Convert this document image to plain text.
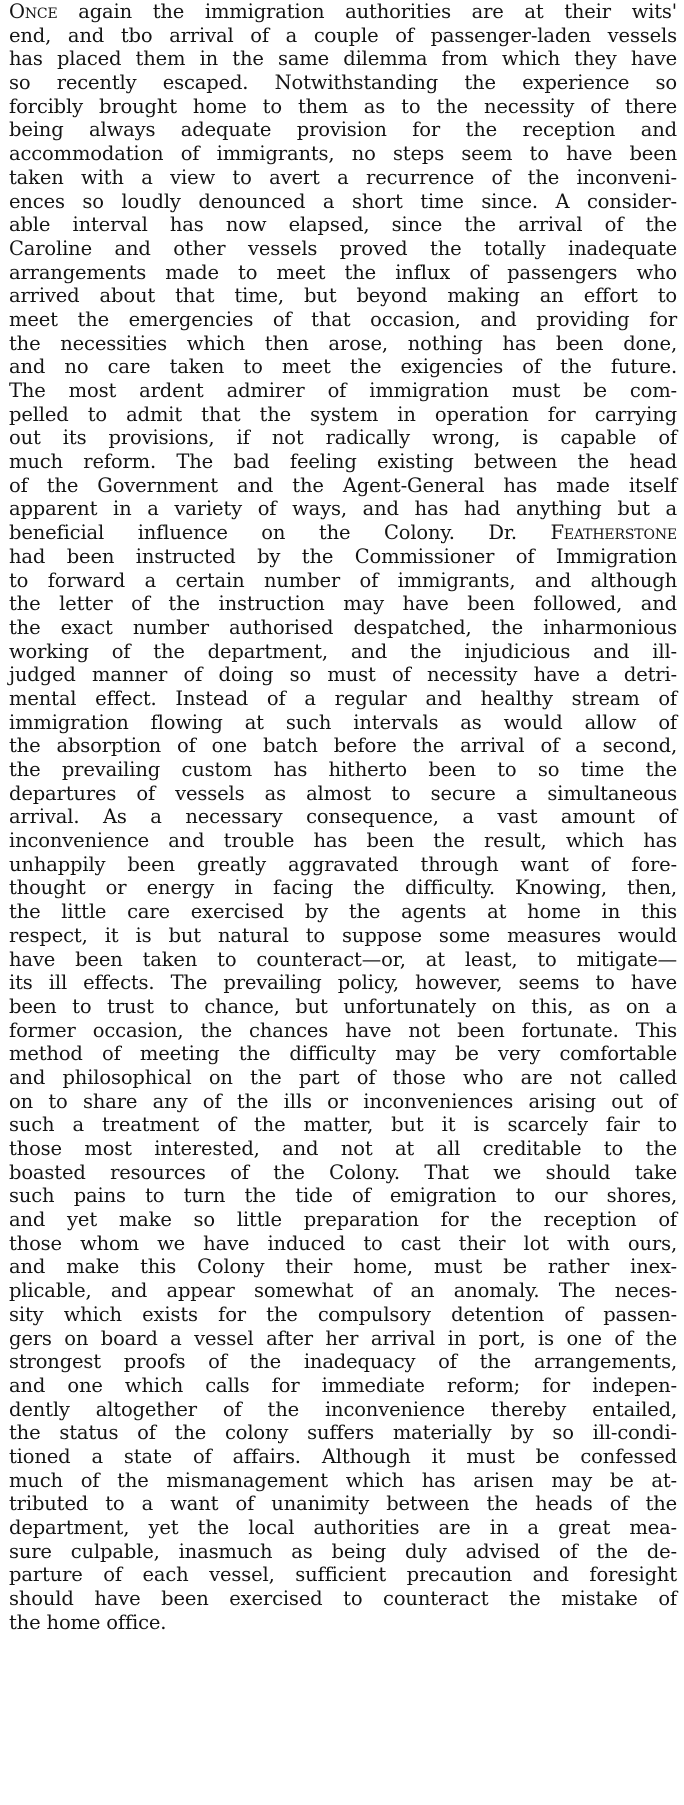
Once again the immigration authorities are at their wits'
end, and tbo arrival of a couple of passenger-laden vessels
has placed them in the same dilemma from which they have
so recently escaped. Notwithstanding the experience so
forcibly brought home to them as to the necessity of there
being always adequate provision for the reception and
accommodation of immigrants, no steps seem to have been
taken with a view to avert a recurrence of the inconveni-
ences so loudly denounced a short time since. A consider-
able interval has now elapsed, since the arrival of the
Caroline and other vessels proved the totally inadequate
arrangements made to meet the influx of passengers who
arrived about that time, but beyond making an effort to
meet the emergencies of that occasion, and providing for
the necessities which then arose, nothing has been done,
and no care taken to meet the exigencies of the future.
The most ardent admirer of immigration must be com-
pelled to admit that the system in operation for carrying
out its provisions, if not radically wrong, is capable of
much reform. The bad feeling existing between the head
of the Government and the Agent-General has made itself
apparent in a variety of ways, and has had anything but a
beneficial influence on the Colony. Dr. Featherstone
had been instructed by the Commissioner of Immigration
to forward a certain number of immigrants, and although
the letter of the instruction may have been followed, and
the exact number authorised despatched, the inharmonious
working of the department, and the injudicious and ill-
judged manner of doing so must of necessity have a detri-
mental effect. Instead of a regular and healthy stream of
immigration flowing at such intervals as would allow of
the absorption of one batch before the arrival of a second,
the prevailing custom has hitherto been to so time the
departures of vessels as almost to secure a simultaneous
arrival. As a necessary consequence, a vast amount of
inconvenience and trouble has been the result, which has
unhappily been greatly aggravated through want of fore-
thought or energy in facing the difficulty. Knowing, then,
the little care exercised by the agents at home in this
respect, it is but natural to suppose some measures would
have been taken to counteract—or, at least, to mitigate—
its ill effects. The prevailing policy, however, seems to have
been to trust to chance, but unfortunately on this, as on a
former occasion, the chances have not been fortunate. This
method of meeting the difficulty may be very comfortable
and philosophical on the part of those who are not called
on to share any of the ills or inconveniences arising out of
such a treatment of the matter, but it is scarcely fair to
those most interested, and not at all creditable to the
boasted resources of the Colony. That we should take
such pains to turn the tide of emigration to our shores,
and yet make so little preparation for the reception of
those whom we have induced to cast their lot with ours,
and make this Colony their home, must be rather inex-
plicable, and appear somewhat of an anomaly. The neces-
sity which exists for the compulsory detention of passen-
gers on board a vessel after her arrival in port, is one of the
strongest proofs of the inadequacy of the arrangements,
and one which calls for immediate reform; for indepen-
dently altogether of the inconvenience thereby entailed,
the status of the colony suffers materially by so ill-condi-
tioned a state of affairs. Although it must be confessed
much of the mismanagement which has arisen may be at-
tributed to a want of unanimity between the heads of the
department, yet the local authorities are in a great mea-
sure culpable, inasmuch as being duly advised of the de-
parture of each vessel, sufficient precaution and foresight
should have been exercised to counteract the mistake of
the home office.
